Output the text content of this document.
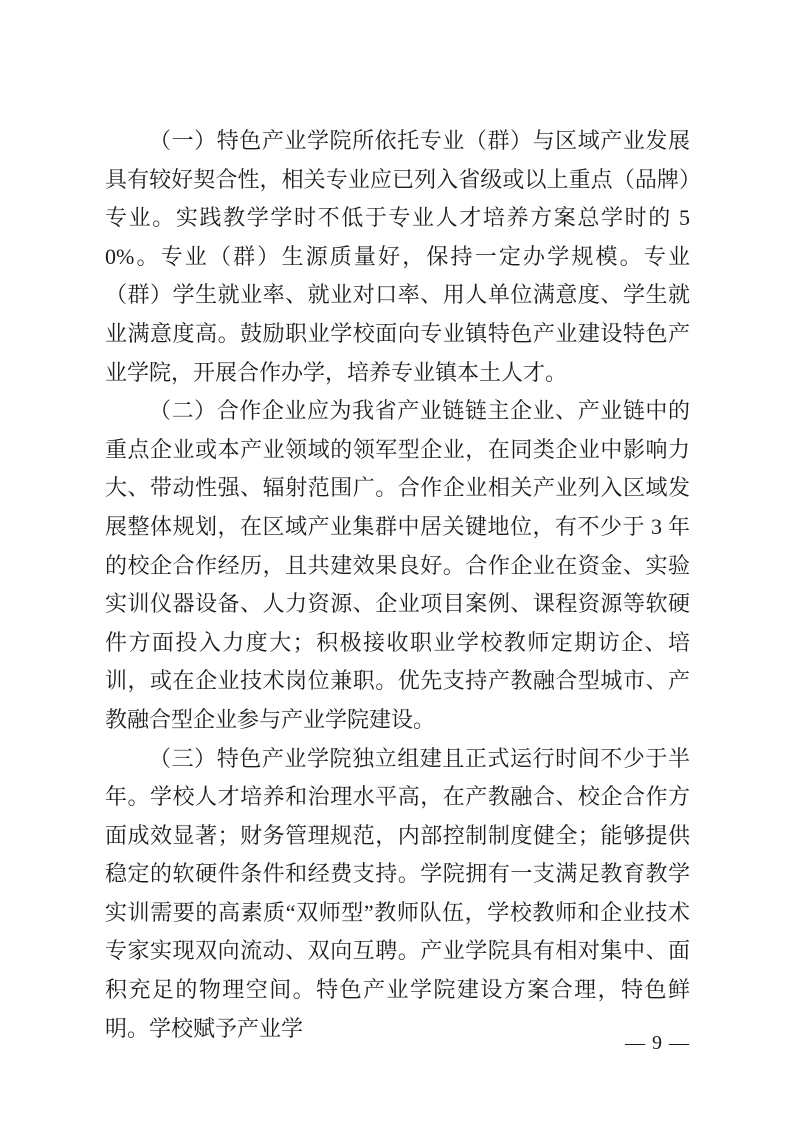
（一）特色产业学院所依托专业（群）与区域产业发展具有较好契合性，相关专业应已列入省级或以上重点（品牌）专业。实践教学学时不低于专业人才培养方案总学时的 50%。专业（群）生源质量好，保持一定办学规模。专业（群）学生就业率、就业对口率、用人单位满意度、学生就业满意度高。鼓励职业学校面向专业镇特色产业建设特色产业学院，开展合作办学，培养专业镇本土人才。

（二）合作企业应为我省产业链链主企业、产业链中的重点企业或本产业领域的领军型企业，在同类企业中影响力大、带动性强、辐射范围广。合作企业相关产业列入区域发展整体规划，在区域产业集群中居关键地位，有不少于 3 年的校企合作经历，且共建效果良好。合作企业在资金、实验实训仪器设备、人力资源、企业项目案例、课程资源等软硬件方面投入力度大；积极接收职业学校教师定期访企、培训，或在企业技术岗位兼职。优先支持产教融合型城市、产教融合型企业参与产业学院建设。

（三）特色产业学院独立组建且正式运行时间不少于半年。学校人才培养和治理水平高，在产教融合、校企合作方面成效显著；财务管理规范，内部控制制度健全；能够提供稳定的软硬件条件和经费支持。学院拥有一支满足教育教学实训需要的高素质“双师型”教师队伍，学校教师和企业技术专家实现双向流动、双向互聘。产业学院具有相对集中、面积充足的物理空间。特色产业学院建设方案合理，特色鲜明。学校赋予产业学

— 9 —
